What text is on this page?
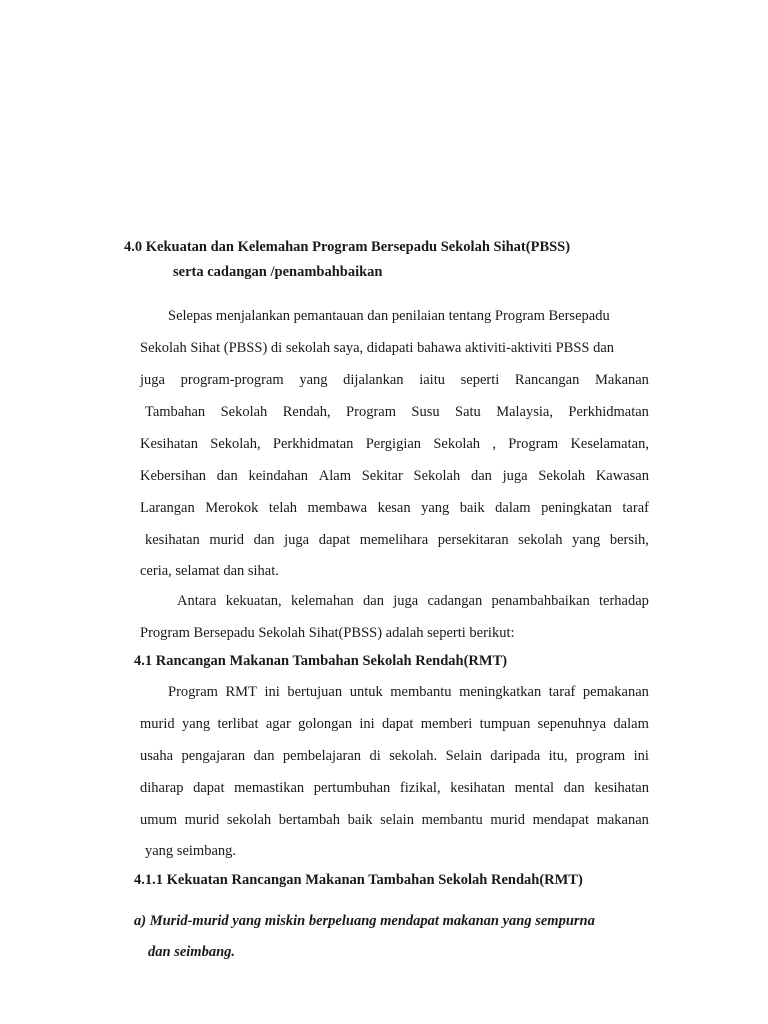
4.0 Kekuatan dan Kelemahan Program Bersepadu Sekolah Sihat(PBSS)
serta cadangan /penambahbaikan
Selepas menjalankan pemantauan dan penilaian tentang Program Bersepadu
Sekolah Sihat (PBSS) di sekolah saya, didapati bahawa aktiviti-aktiviti PBSS dan
juga program-program yang dijalankan iaitu seperti Rancangan Makanan
Tambahan Sekolah Rendah, Program Susu Satu Malaysia, Perkhidmatan
Kesihatan Sekolah, Perkhidmatan Pergigian Sekolah , Program Keselamatan,
Kebersihan dan keindahan Alam Sekitar Sekolah dan juga Sekolah Kawasan
Larangan Merokok telah membawa kesan yang baik dalam peningkatan taraf
kesihatan murid dan juga dapat memelihara persekitaran sekolah yang bersih,
ceria, selamat dan sihat.
Antara kekuatan, kelemahan dan juga cadangan penambahbaikan terhadap
Program Bersepadu Sekolah Sihat(PBSS) adalah seperti berikut:
4.1 Rancangan Makanan Tambahan Sekolah Rendah(RMT)
Program RMT ini bertujuan untuk membantu meningkatkan taraf pemakanan
murid yang terlibat agar golongan ini dapat memberi tumpuan sepenuhnya dalam
usaha pengajaran dan pembelajaran di sekolah. Selain daripada itu, program ini
diharap dapat memastikan pertumbuhan fizikal, kesihatan mental dan kesihatan
umum murid sekolah bertambah baik selain membantu murid mendapat makanan
yang seimbang.
4.1.1 Kekuatan Rancangan Makanan Tambahan Sekolah Rendah(RMT)
a) Murid-murid yang miskin berpeluang mendapat makanan yang sempurna
dan seimbang.
